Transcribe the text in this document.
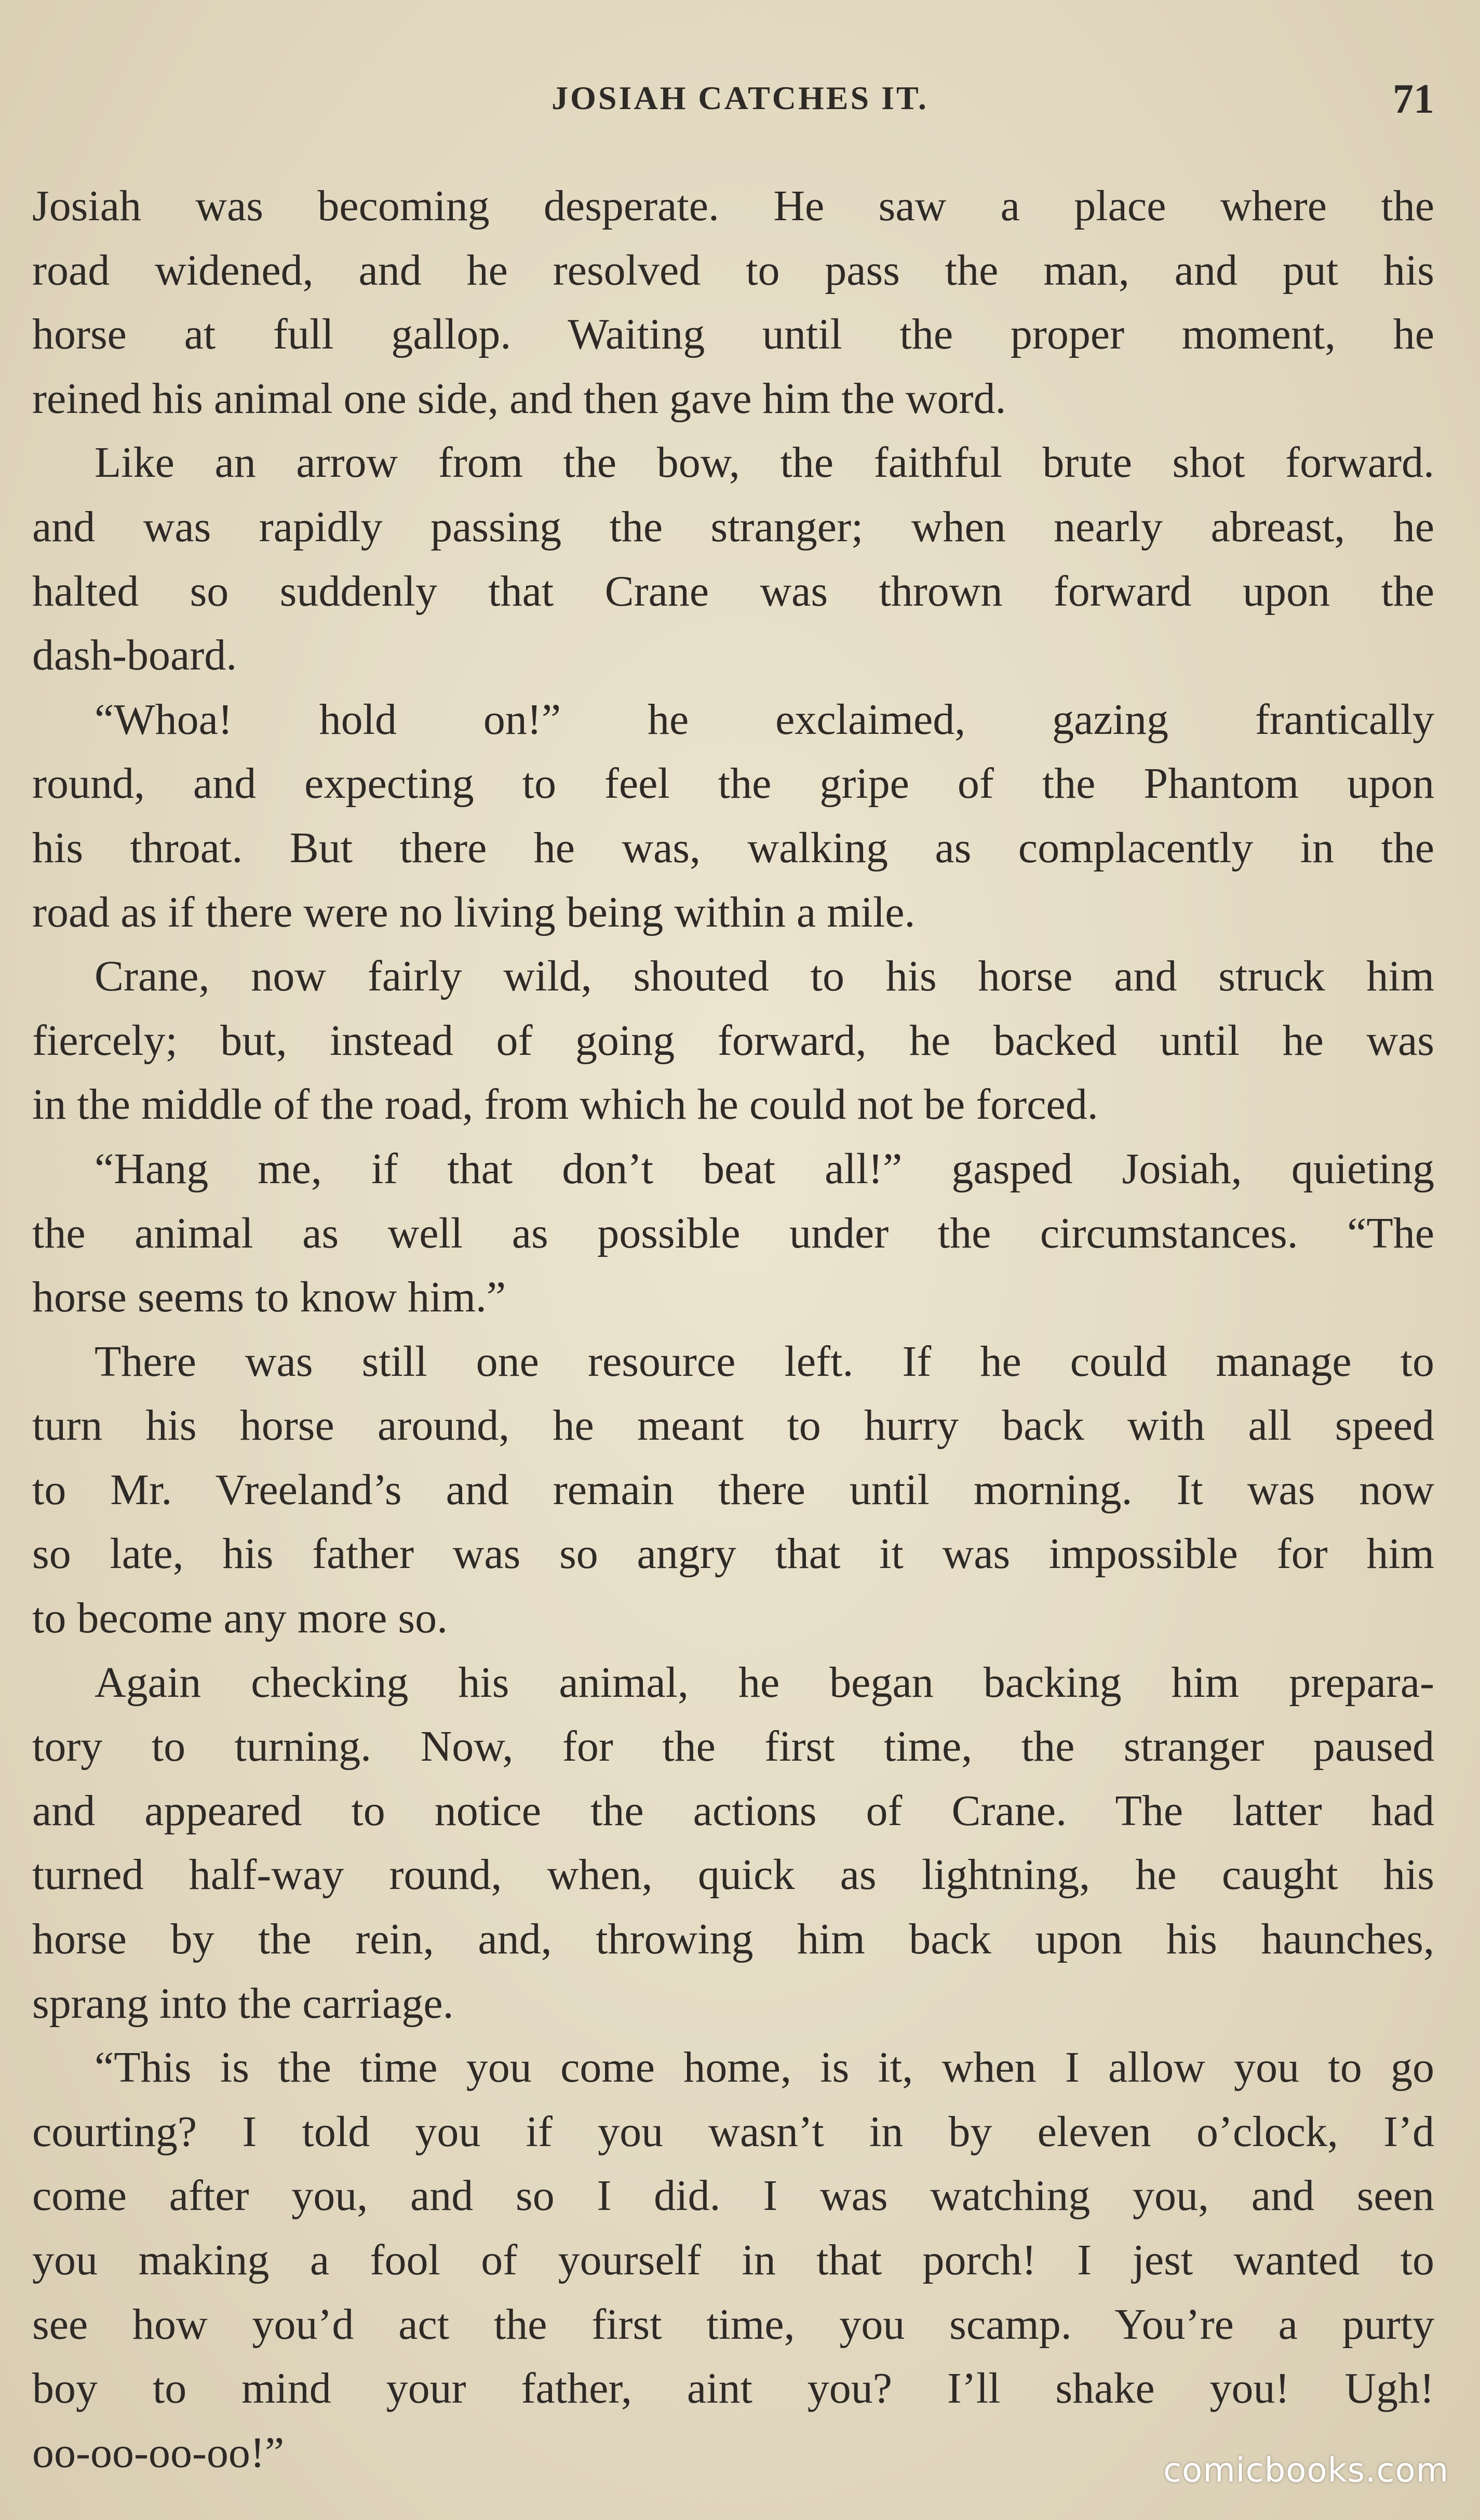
JOSIAH CATCHES IT.	71
Josiah was becoming desperate. He saw a place where the
road widened, and he resolved to pass the man, and put his
horse at full gallop. Waiting until the proper moment, he
reined his animal one side, and then gave him the word.
Like an arrow from the bow, the faithful brute shot forward.
and was rapidly passing the stranger; when nearly abreast, he
halted so suddenly that Crane was thrown forward upon the
dash-board.
“Whoa! hold on!” he exclaimed, gazing frantically
round, and expecting to feel the gripe of the Phantom upon
his throat. But there he was, walking as complacently in the
road as if there were no living being within a mile.
Crane, now fairly wild, shouted to his horse and struck him
fiercely; but, instead of going forward, he backed until he was
in the middle of the road, from which he could not be forced.
“Hang me, if that don’t beat all!” gasped Josiah, quieting
the animal as well as possible under the circumstances. “The
horse seems to know him.”
There was still one resource left. If he could manage to
turn his horse around, he meant to hurry back with all speed
to Mr. Vreeland’s and remain there until morning. It was now
so late, his father was so angry that it was impossible for him
to become any more so.
Again checking his animal, he began backing him prepara-
tory to turning. Now, for the first time, the stranger paused
and appeared to notice the actions of Crane. The latter had
turned half-way round, when, quick as lightning, he caught his
horse by the rein, and, throwing him back upon his haunches,
sprang into the carriage.
“This is the time you come home, is it, when I allow you to go
courting? I told you if you wasn’t in by eleven o’clock, I’d
come after you, and so I did. I was watching you, and seen
you making a fool of yourself in that porch! I jest wanted to
see how you’d act the first time, you scamp. You’re a purty
boy to mind your father, aint you? I’ll shake you! Ugh!
oo-oo-oo-oo!”	comicbooks.com
